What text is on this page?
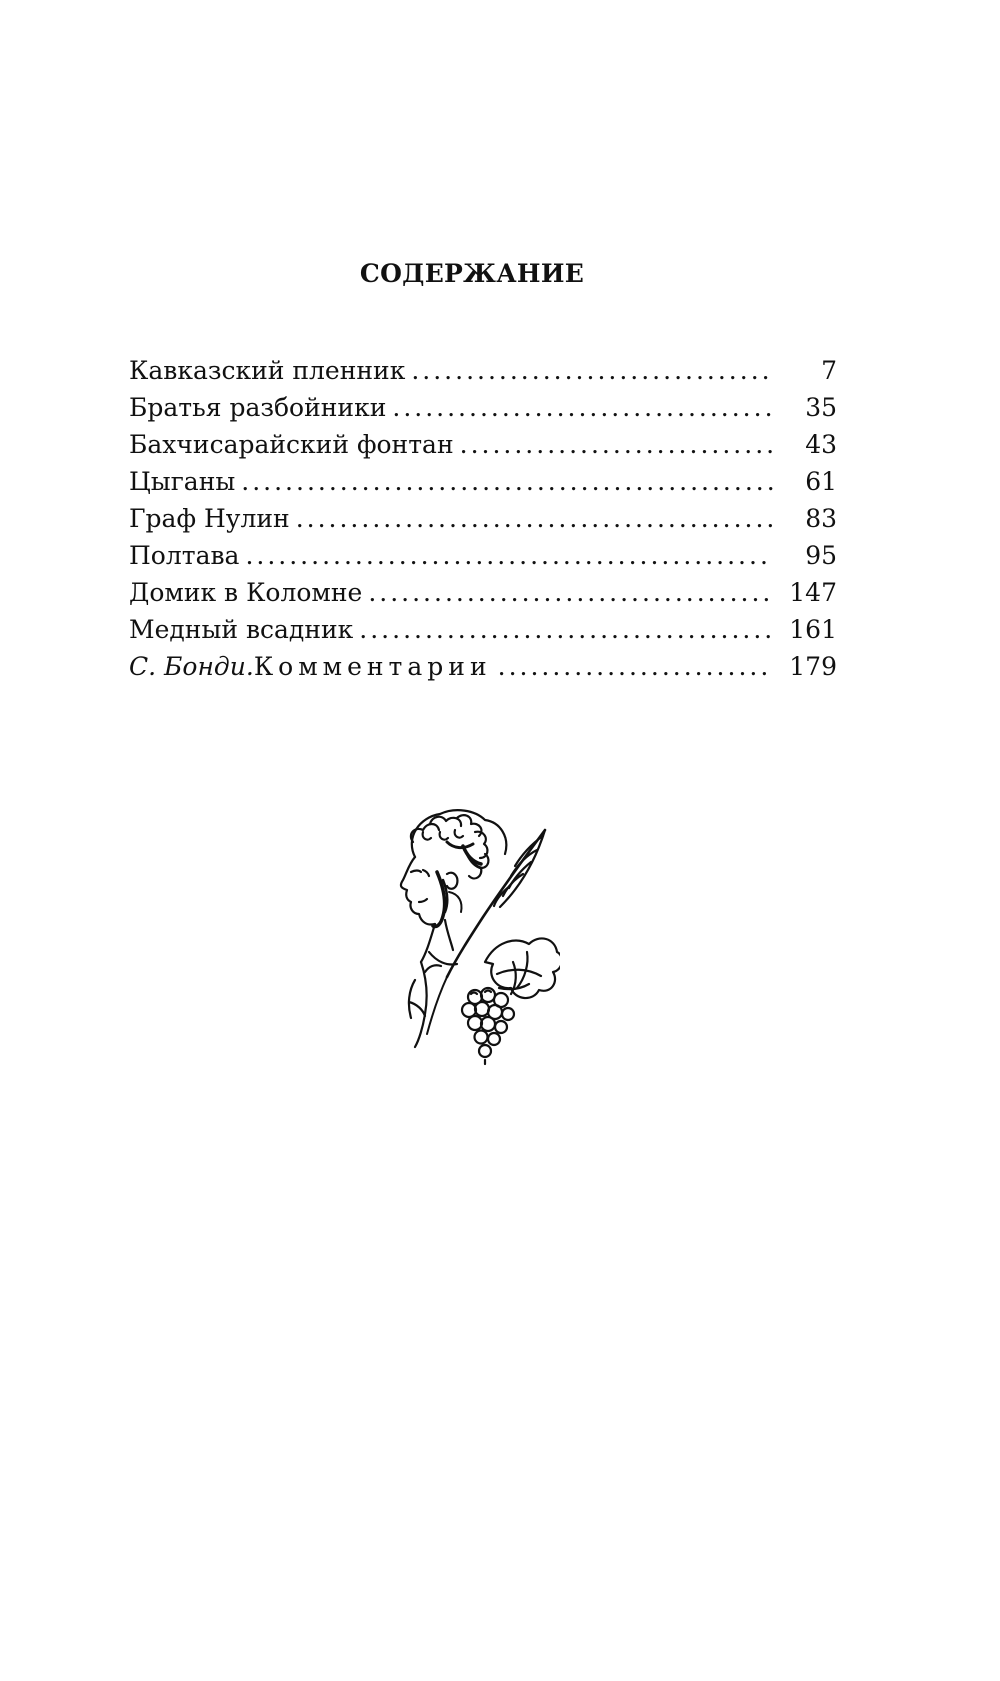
СОДЕРЖАНИЕ
Кавказский пленник .....	7
Братья разбойники .....	35
Бахчисарайский фонтан .....	43
Цыганы .....	61
Граф Нулин .....	83
Полтава .....	95
Домик в Коломне .....	147
Медный всадник .....	161
С. Бонди.Комментарии .....	179
